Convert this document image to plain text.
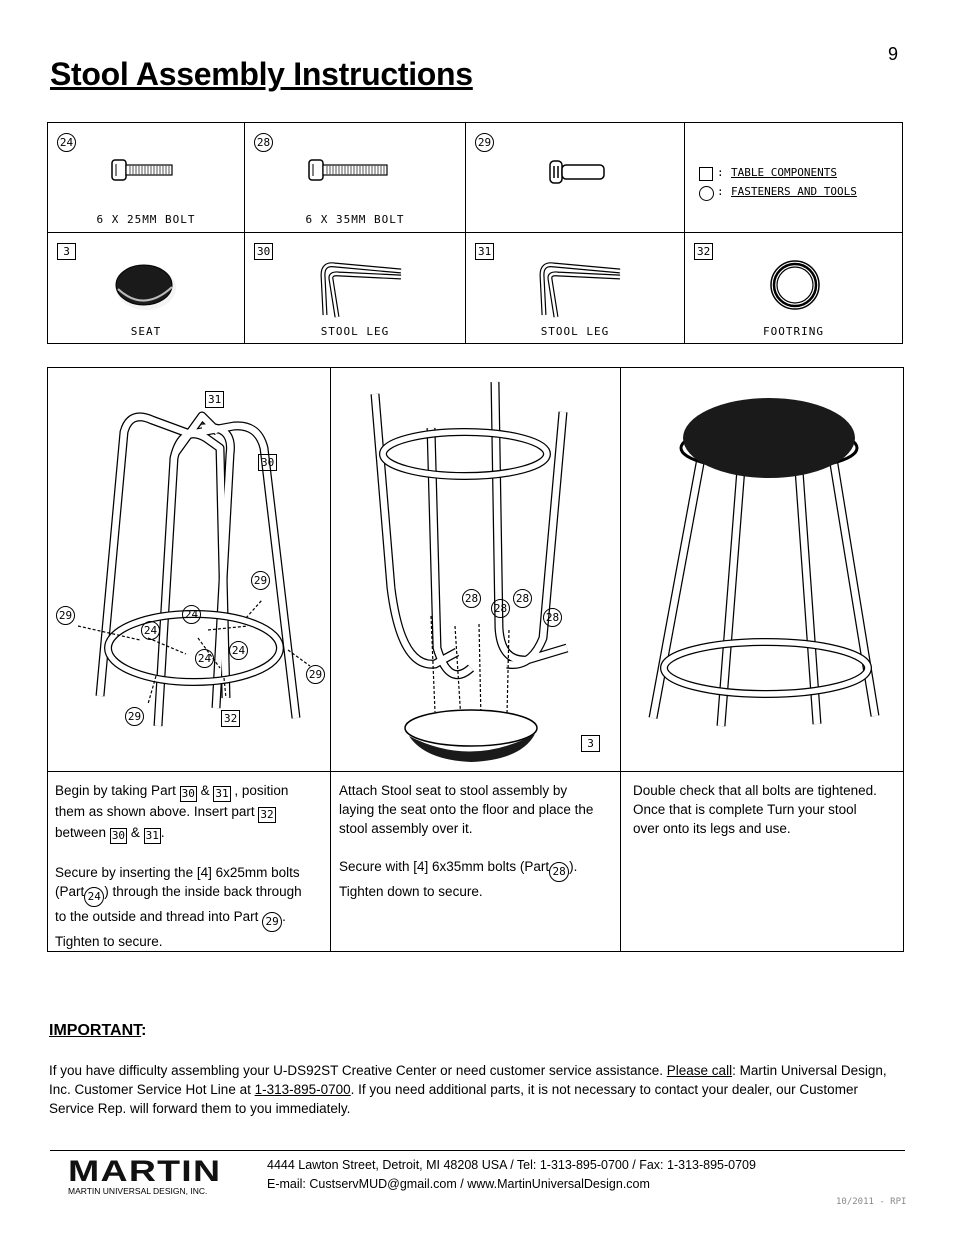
9
Stool Assembly Instructions
24
6 X 25MM BOLT
28
6 X 35MM BOLT
29
: TABLE COMPONENTS
: FASTENERS AND TOOLS
3
SEAT
30
STOOL LEG
31
STOOL LEG
32
FOOTRING
31
30
29
29
29
29
24
24
24
24
32
28
28
28
28
3
Begin by taking Part 30 & 31 , position
them as shown above. Insert part 32
between 30 & 31 .
Secure by inserting the [4] 6x25mm bolts
(Part 24 ) through the inside back through
to the outside and thread into Part 29 .
Tighten to secure.
Attach Stool seat to stool assembly by
laying the seat onto the floor and place the
stool assembly over it.
Secure with [4] 6x35mm bolts (Part 28 ).
Tighten down to secure.
Double check that all bolts are tightened.
Once that is complete Turn your stool
over onto its legs and use.
IMPORTANT:
If you have difficulty assembling your U-DS92ST Creative Center or need customer service assistance. Please call: Martin Universal Design, Inc. Customer Service Hot Line at 1-313-895-0700. If you need additional parts, it is not necessary to contact your dealer, our Customer Service Rep. will forward them to you immediately.
MARTIN
MARTIN UNIVERSAL DESIGN, INC.
4444 Lawton Street, Detroit, MI 48208 USA / Tel: 1-313-895-0700 / Fax: 1-313-895-0709
E-mail: CustservMUD@gmail.com / www.MartinUniversalDesign.com
10/2011 - RPI
